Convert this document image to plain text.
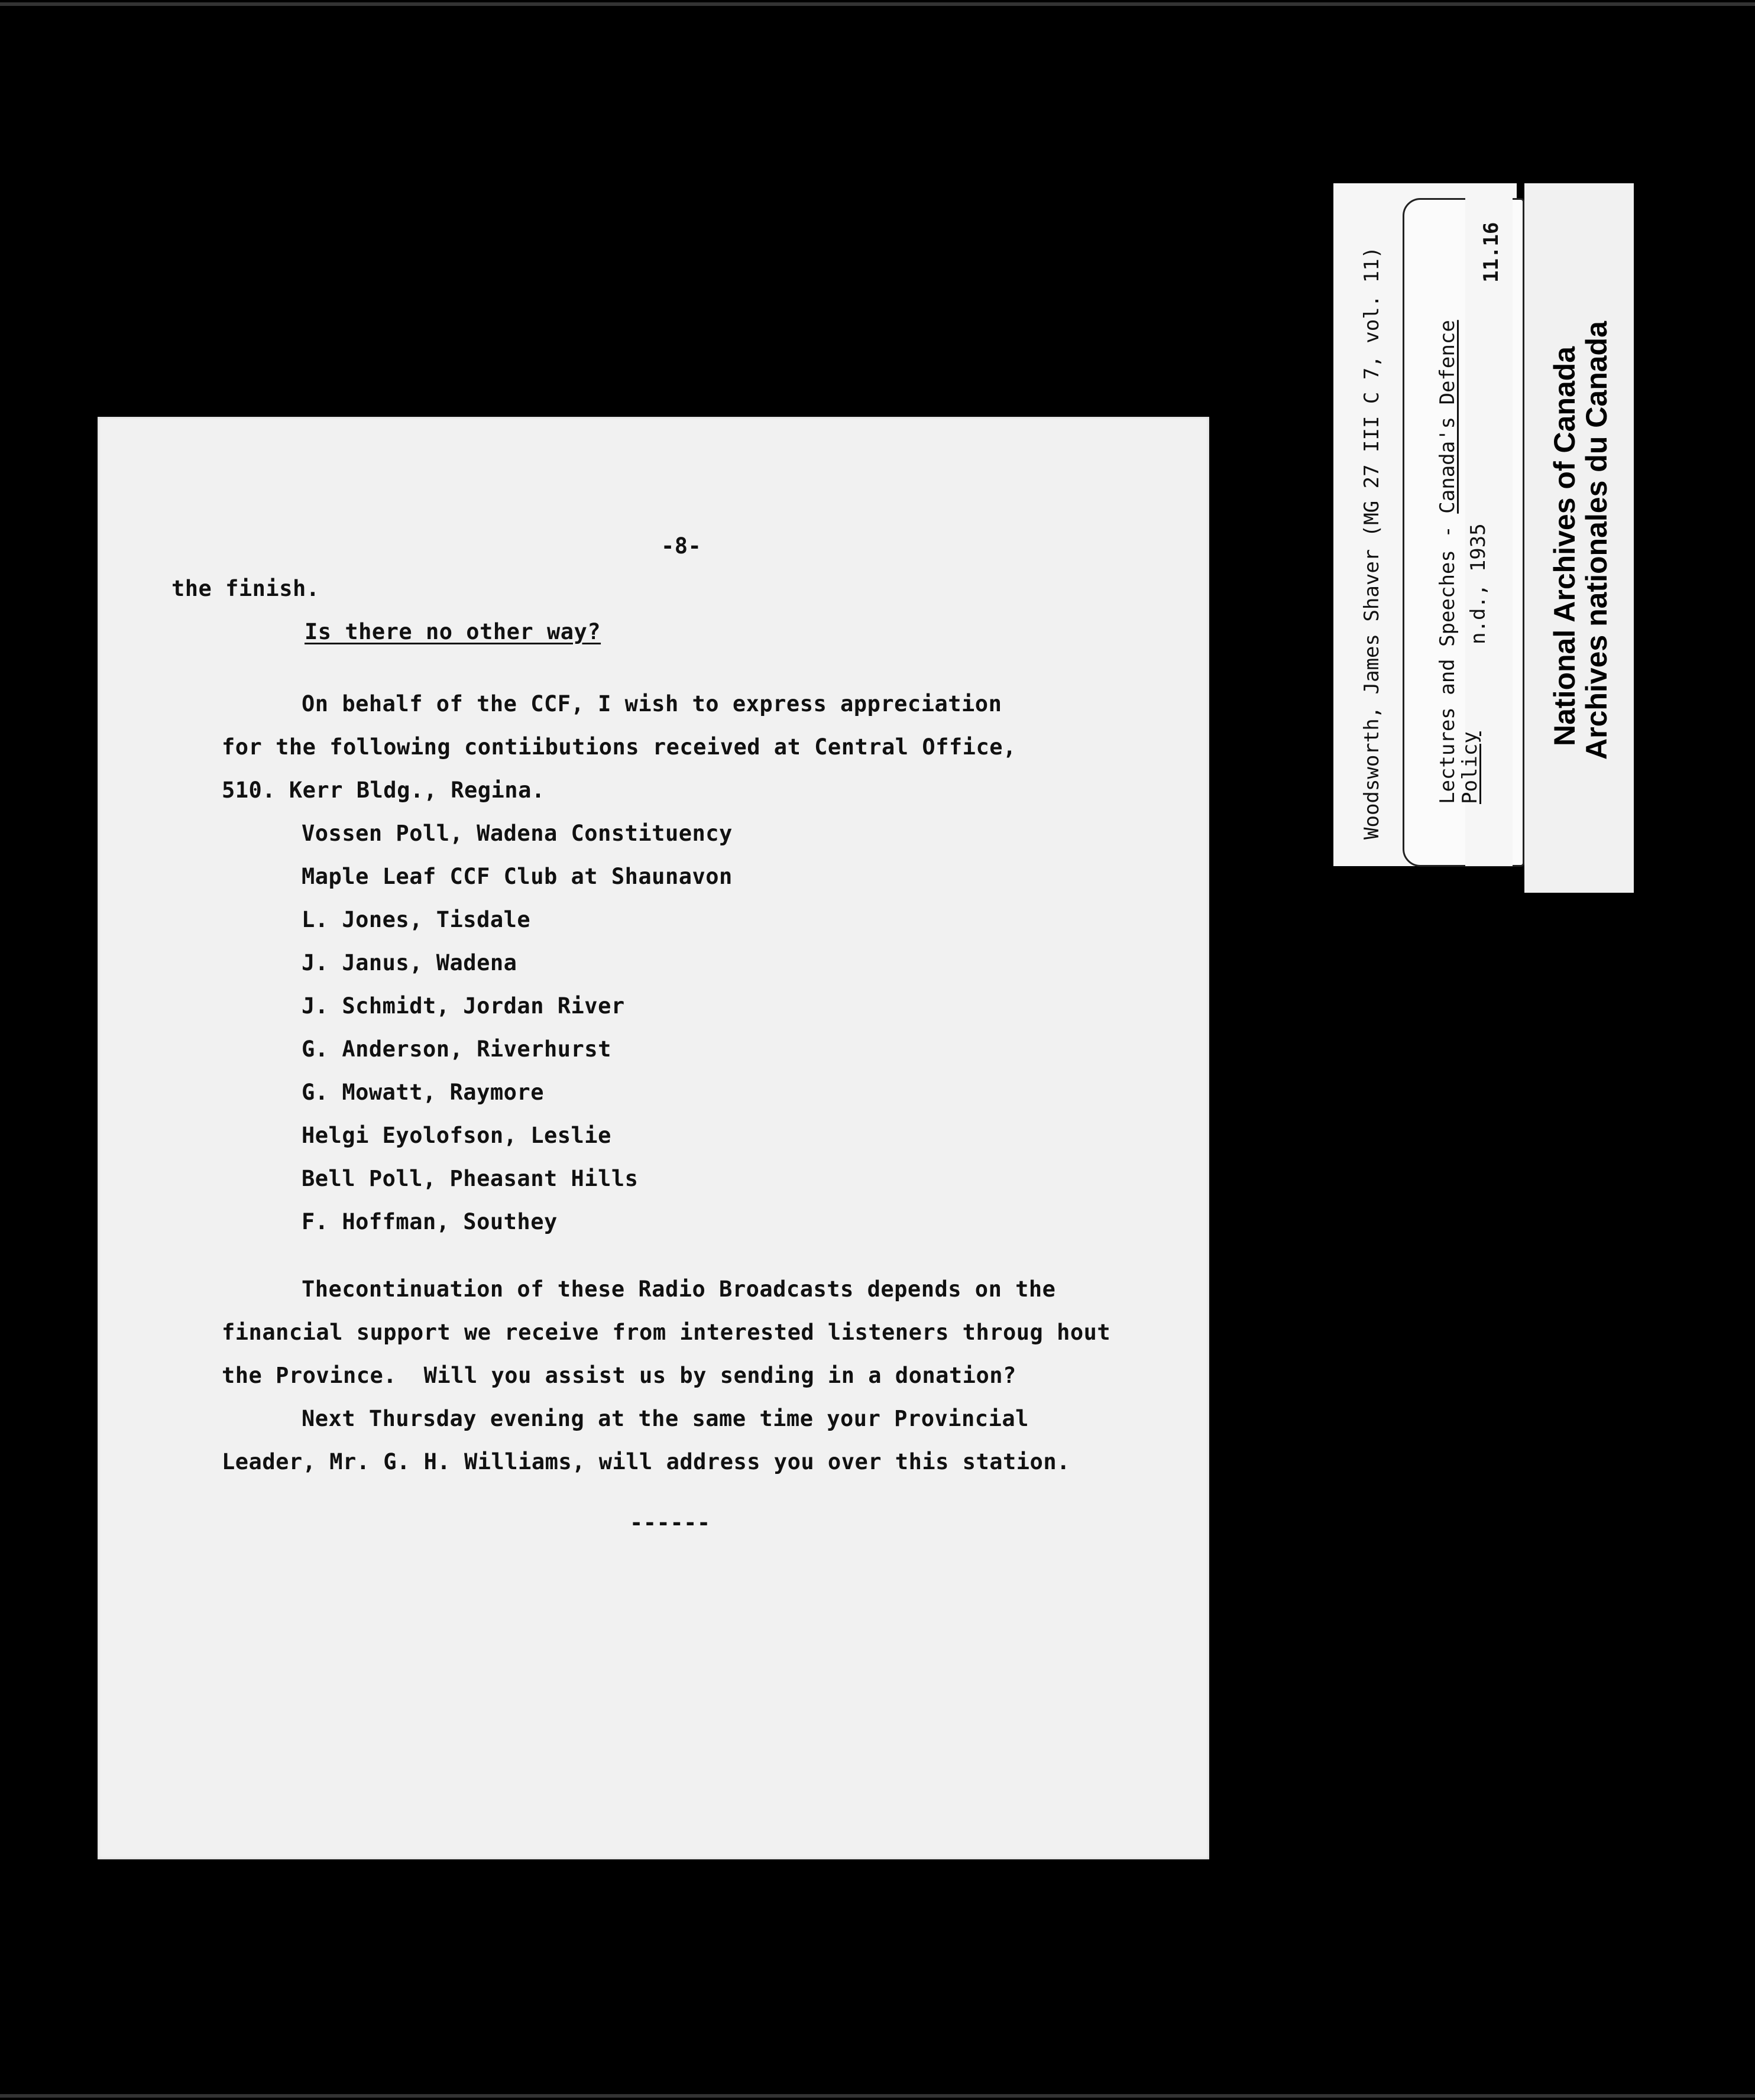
-8-
the finish.
Is there no other way?
On behalf of the CCF, I wish to express appreciation
for the following contiibutions received at Central Office,
510. Kerr Bldg., Regina.
Vossen Poll, Wadena Constituency
Maple Leaf CCF Club at Shaunavon
L. Jones, Tisdale
J. Janus, Wadena
J. Schmidt, Jordan River
G. Anderson, Riverhurst
G. Mowatt, Raymore
Helgi Eyolofson, Leslie
Bell Poll, Pheasant Hills
F. Hoffman, Southey
Thecontinuation of these Radio Broadcasts depends on the
financial support we receive from interested listeners throug hout
the Province.  Will you assist us by sending in a donation?
Next Thursday evening at the same time your Provincial
Leader, Mr. G. H. Williams, will address you over this station.
------
Woodsworth, James Shaver (MG 27 III C 7, vol. 11)	Lectures and Speeches - Canada's Defence
Policy
n.d., 1935
11.16
National Archives of Canada
Archives nationales du Canada
